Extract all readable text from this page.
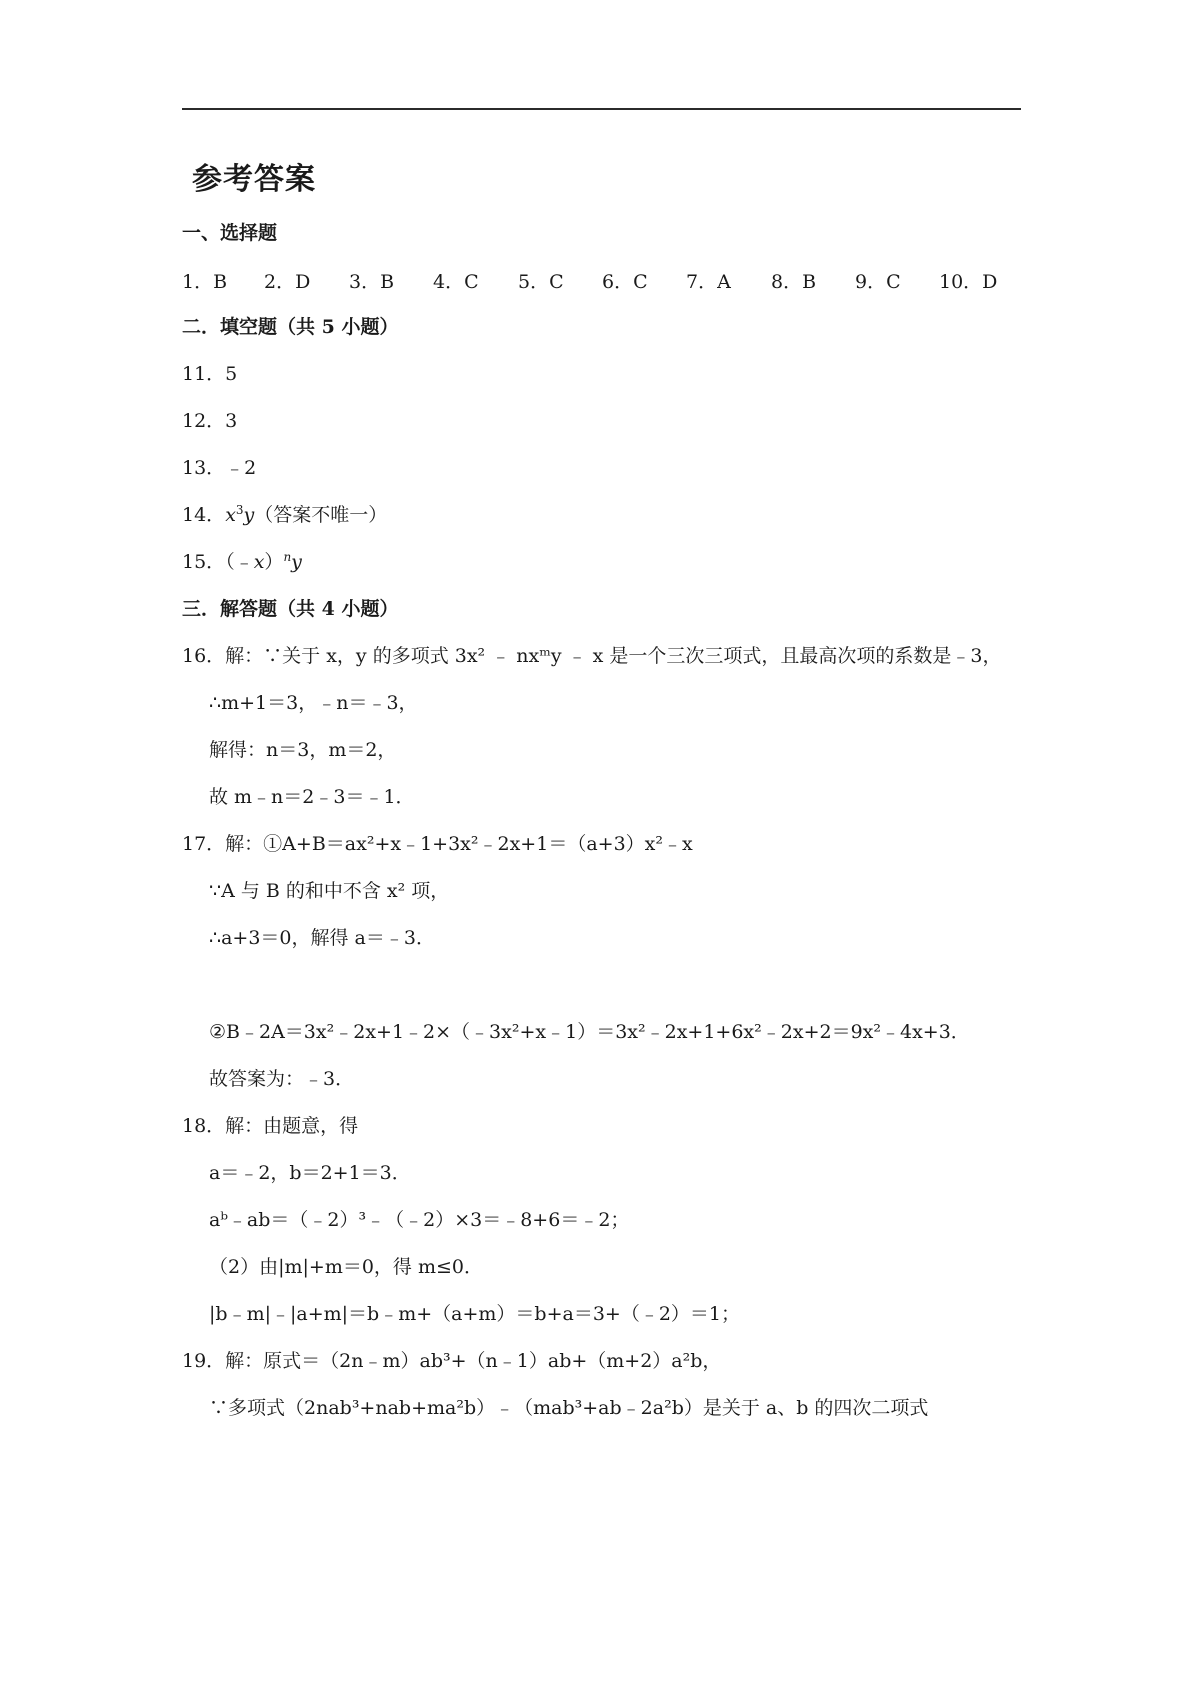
参考答案
一、选择题
1．B 2．D 3．B 4．C 5．C 6．C 7．A 8．B 9．C 10．D
二．填空题（共 5 小题）
11．5
12．3
13．﹣2
14．$x^3y$（答案不唯一）
15．（﹣x）$^n$y
三．解答题（共 4 小题）
16．解：∵关于 x，y 的多项式 3x² ﹣ nxᵐy ﹣ x 是一个三次三项式，且最高次项的系数是﹣3，
∴m+1＝3，﹣n＝﹣3，
解得：n＝3，m＝2，
故 m﹣n＝2﹣3＝﹣1．
17．解：①A+B＝ax²+x﹣1+3x²﹣2x+1＝（a+3）x²﹣x
∵A 与 B 的和中不含 x² 项，
∴a+3＝0，解得 a＝﹣3．
②B﹣2A＝3x²﹣2x+1﹣2×（﹣3x²+x﹣1）＝3x²﹣2x+1+6x²﹣2x+2＝9x²﹣4x+3．
故答案为：﹣3．
18．解：由题意，得
a＝﹣2，b＝2+1＝3．
aᵇ﹣ab＝（﹣2）³﹣（﹣2）×3＝﹣8+6＝﹣2；
（2）由|m|+m＝0，得 m≤0．
|b﹣m|﹣|a+m|＝b﹣m+（a+m）＝b+a＝3+（﹣2）＝1；
19．解：原式＝（2n﹣m）ab³+（n﹣1）ab+（m+2）a²b，
∵多项式（2nab³+nab+ma²b）﹣（mab³+ab﹣2a²b）是关于 a、b 的四次二项式
